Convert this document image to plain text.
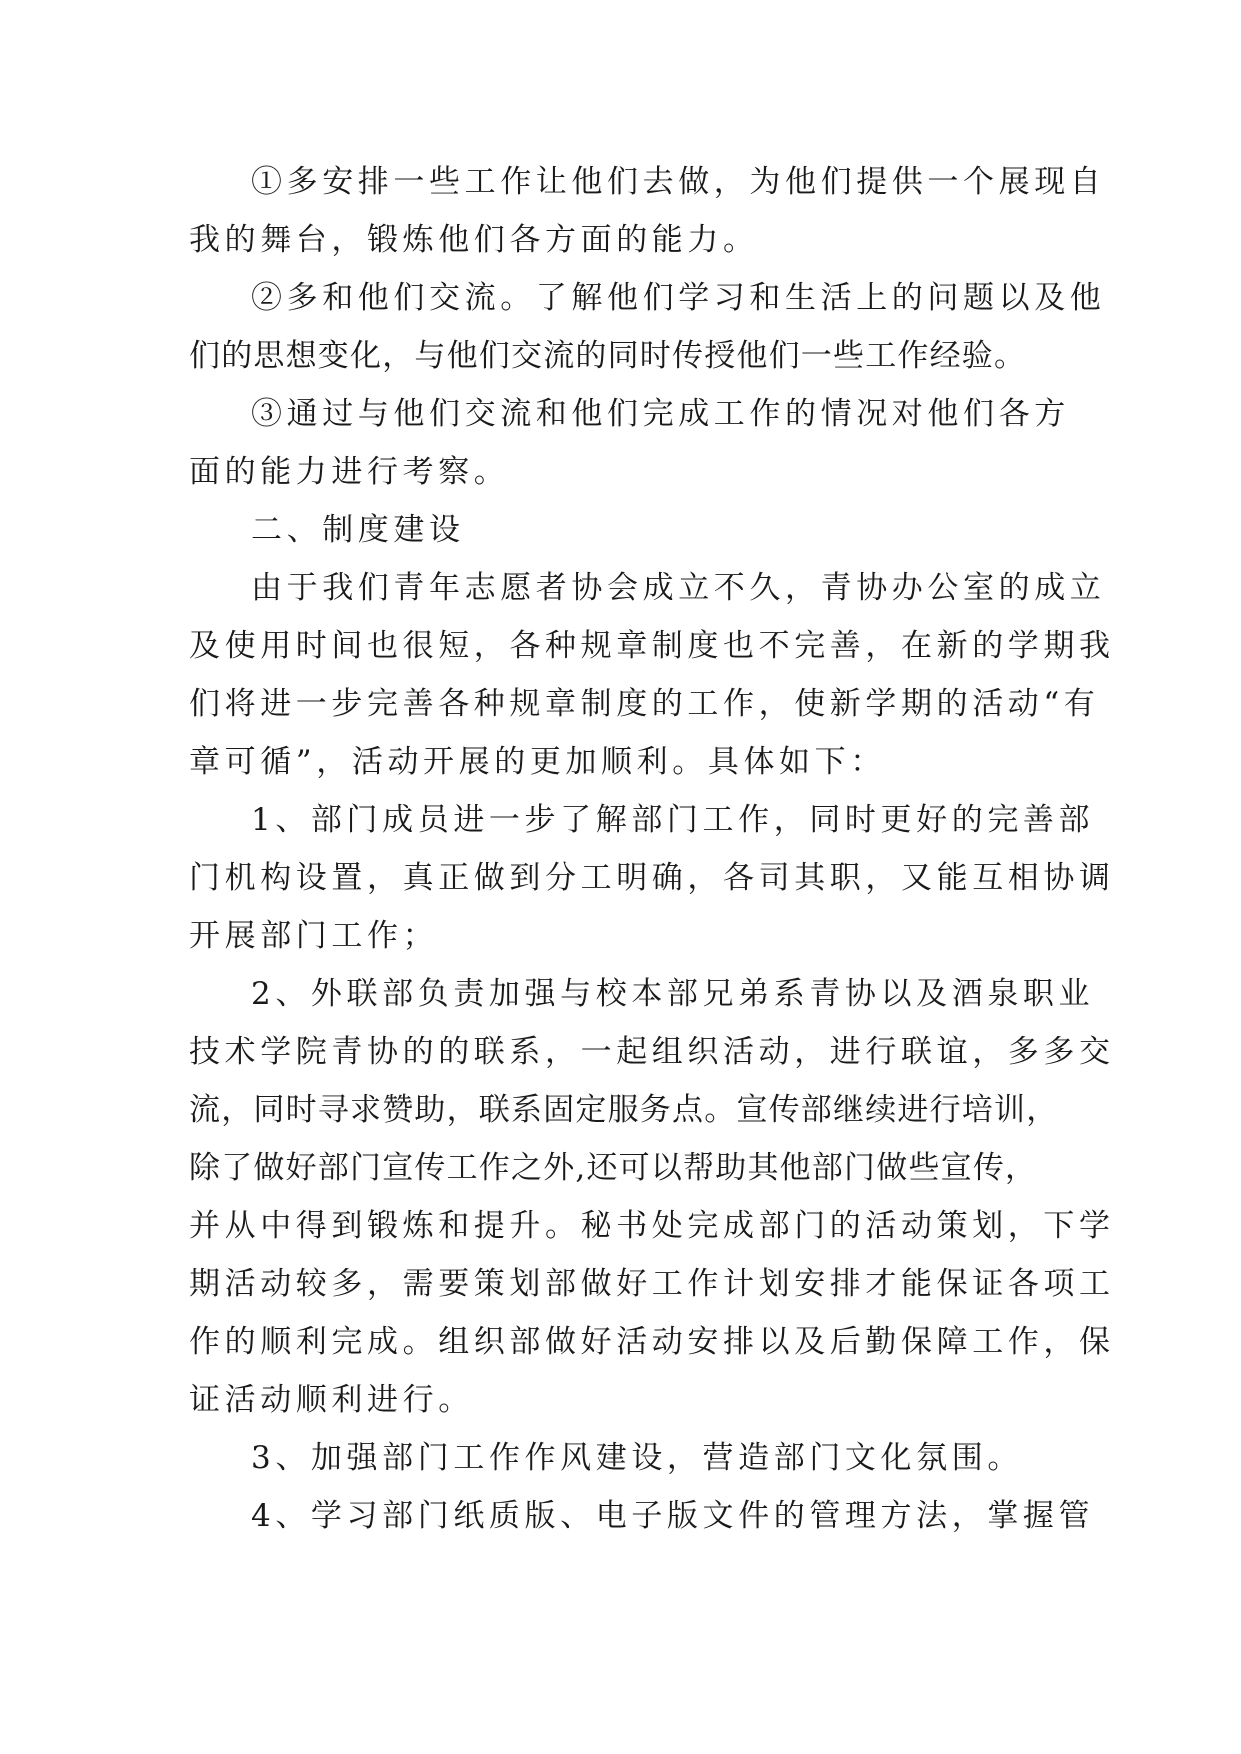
①多安排一些工作让他们去做，为他们提供一个展现自
我的舞台，锻炼他们各方面的能力。
②多和他们交流。了解他们学习和生活上的问题以及他
们的思想变化，与他们交流的同时传授他们一些工作经验。
③通过与他们交流和他们完成工作的情况对他们各方
面的能力进行考察。
二、制度建设
由于我们青年志愿者协会成立不久，青协办公室的成立
及使用时间也很短，各种规章制度也不完善，在新的学期我
们将进一步完善各种规章制度的工作，使新学期的活动“有
章可循”，活动开展的更加顺利。具体如下：
1、部门成员进一步了解部门工作，同时更好的完善部
门机构设置，真正做到分工明确，各司其职，又能互相协调
开展部门工作；
2、外联部负责加强与校本部兄弟系青协以及酒泉职业
技术学院青协的的联系，一起组织活动，进行联谊，多多交
流，同时寻求赞助，联系固定服务点。宣传部继续进行培训，
除了做好部门宣传工作之外,还可以帮助其他部门做些宣传，
并从中得到锻炼和提升。秘书处完成部门的活动策划，下学
期活动较多，需要策划部做好工作计划安排才能保证各项工
作的顺利完成。组织部做好活动安排以及后勤保障工作，保
证活动顺利进行。
3、加强部门工作作风建设，营造部门文化氛围。
4、学习部门纸质版、电子版文件的管理方法，掌握管
